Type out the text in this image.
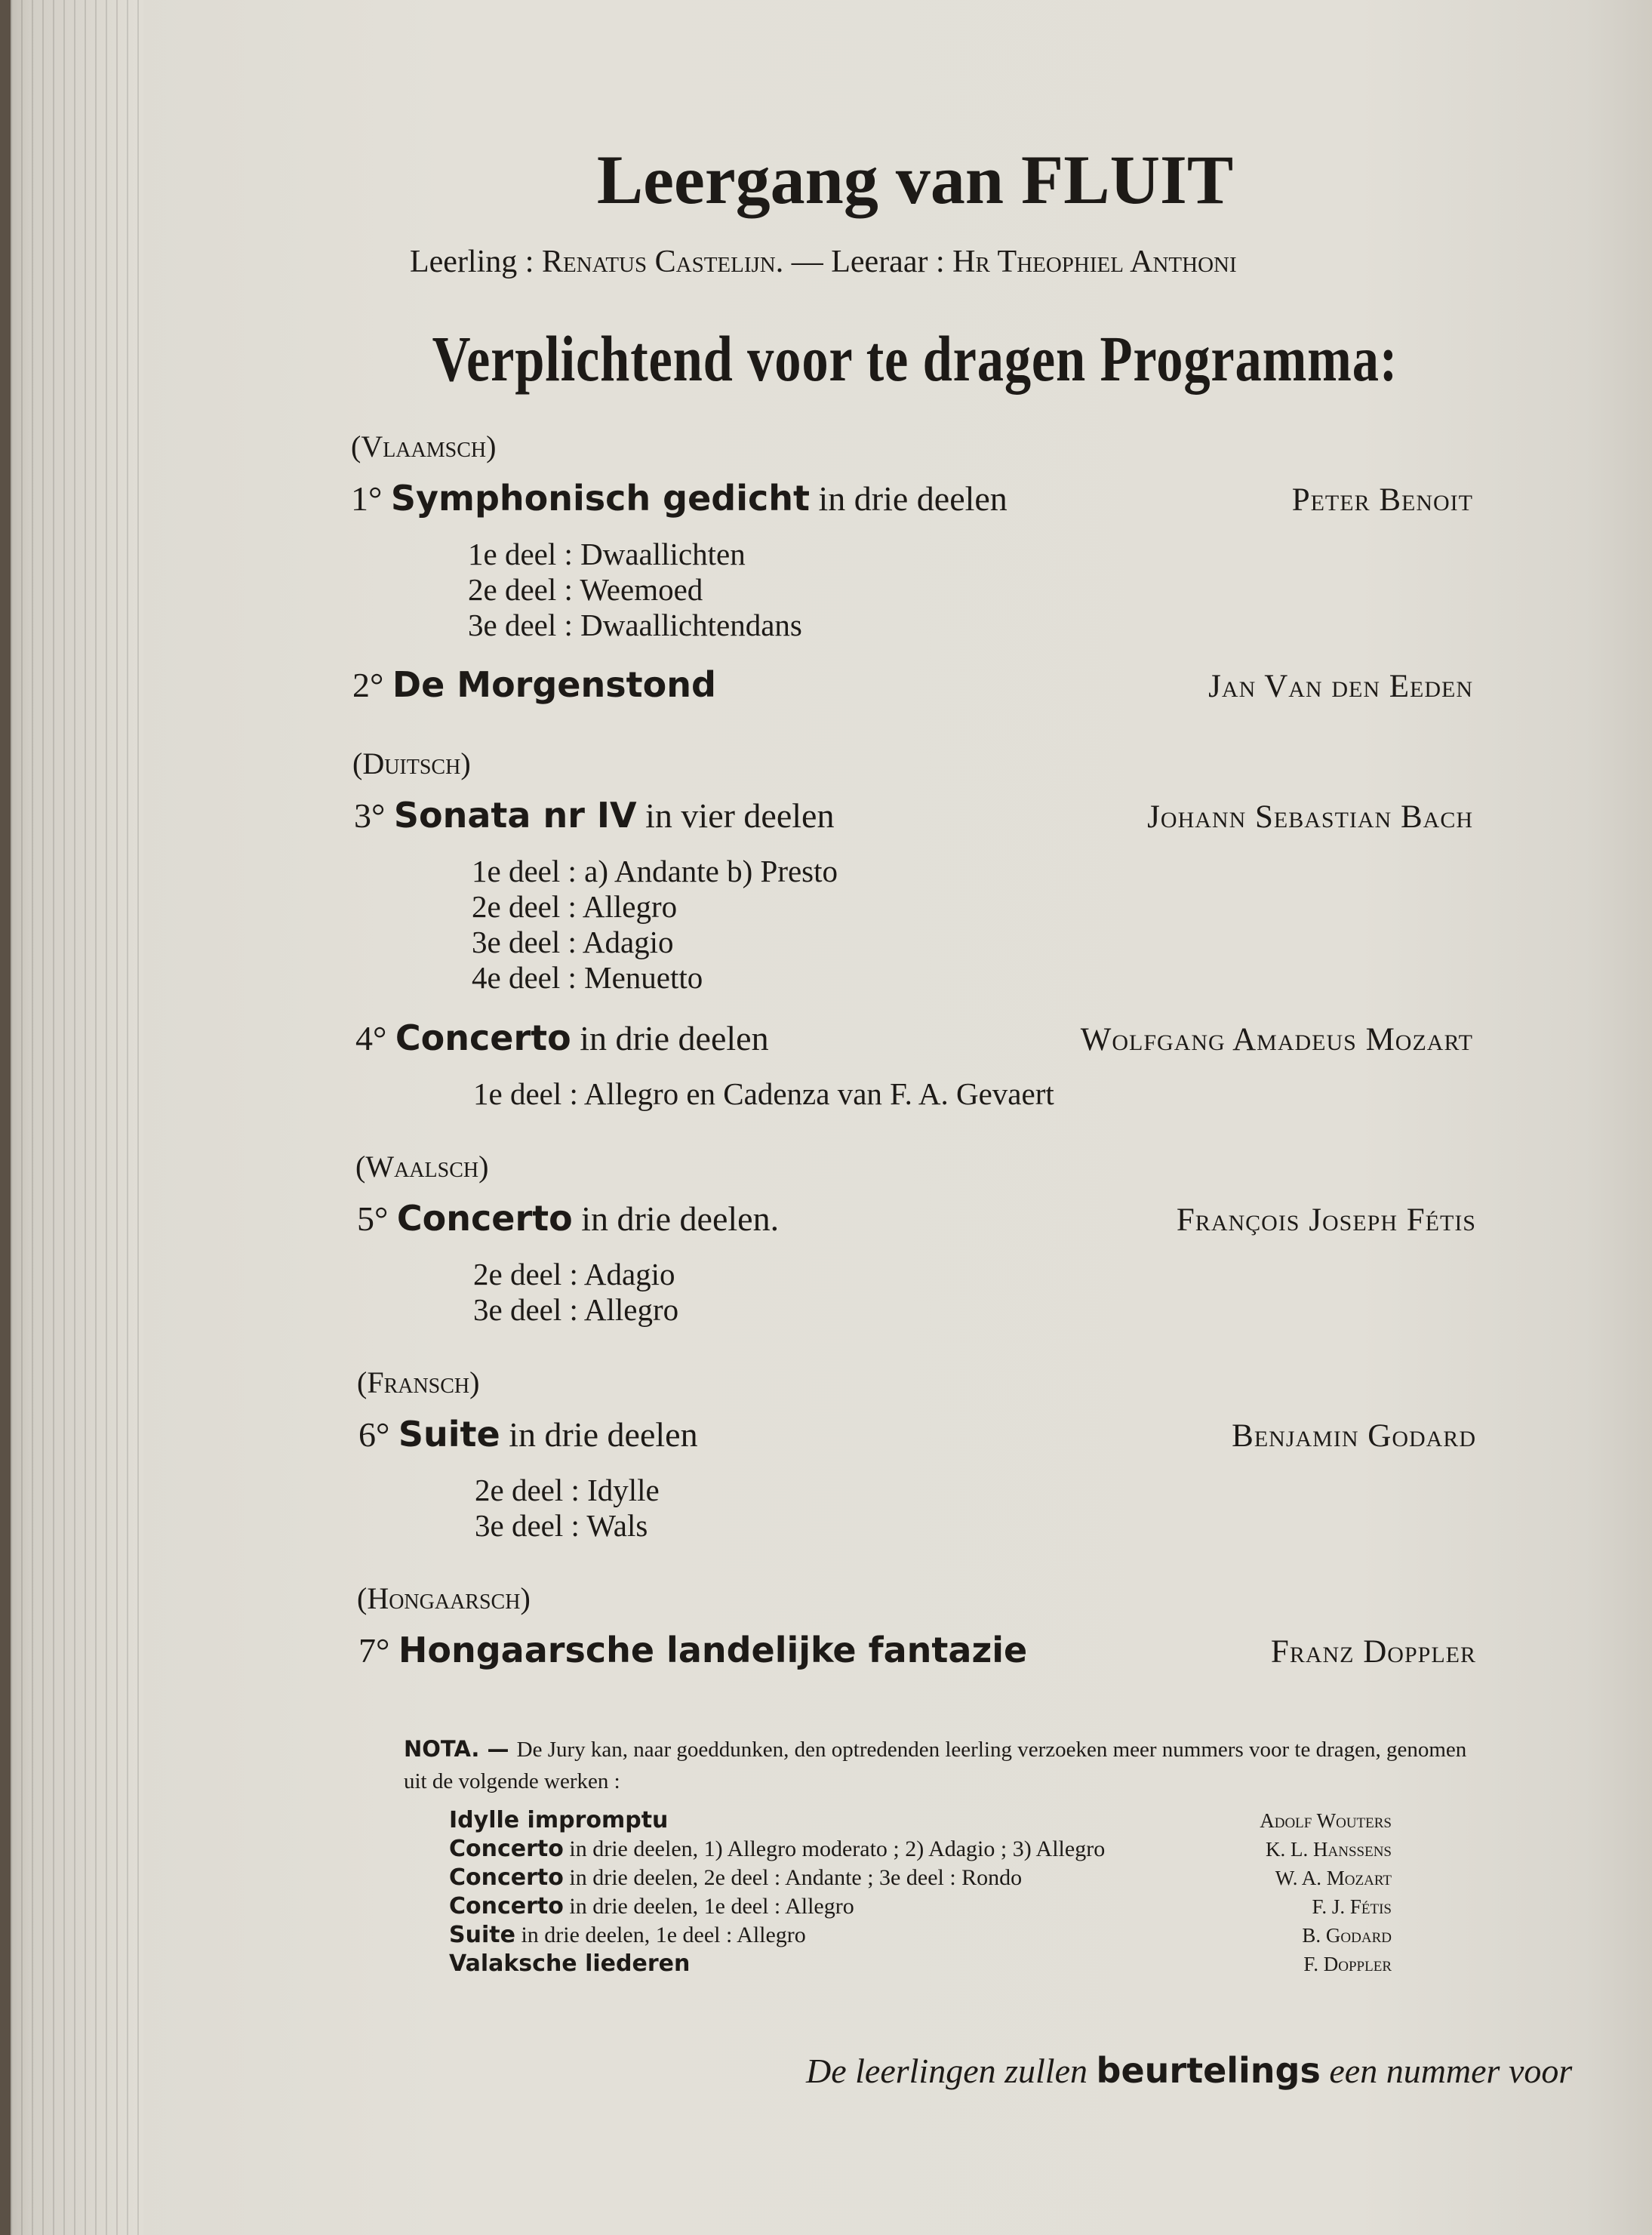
Leergang van FLUIT
Leerling : Renatus Castelijn. — Leeraar : Hr Theophiel Anthoni
Verplichtend voor te dragen Programma:
(Vlaamsch)
1° Symphonisch gedicht in drie deelen	Peter Benoit
1e deel : Dwaallichten
2e deel : Weemoed
3e deel : Dwaallichtendans
2° De Morgenstond	Jan Van den Eeden
(Duitsch)
3° Sonata nr IV in vier deelen	Johann Sebastian Bach
1e deel : a) Andante b) Presto
2e deel : Allegro
3e deel : Adagio
4e deel : Menuetto
4° Concerto in drie deelen	Wolfgang Amadeus Mozart
1e deel : Allegro en Cadenza van F. A. Gevaert
(Waalsch)
5° Concerto in drie deelen.	François Joseph Fétis
2e deel : Adagio
3e deel : Allegro
(Fransch)
6° Suite in drie deelen	Benjamin Godard
2e deel : Idylle
3e deel : Wals
(Hongaarsch)
7° Hongaarsche landelijke fantazie	Franz Doppler
NOTA. — De Jury kan, naar goeddunken, den optredenden leerling verzoeken meer nummers voor te dragen, genomen uit de volgende werken :
Idylle impromptu	Adolf Wouters
Concerto in drie deelen, 1) Allegro moderato ; 2) Adagio ; 3) Allegro	K. L. Hanssens
Concerto in drie deelen, 2e deel : Andante ; 3e deel : Rondo	W. A. Mozart
Concerto in drie deelen, 1e deel : Allegro	F. J. Fétis
Suite in drie deelen, 1e deel : Allegro	B. Godard
Valaksche liederen	F. Doppler
De leerlingen zullen beurtelings een nummer voor
